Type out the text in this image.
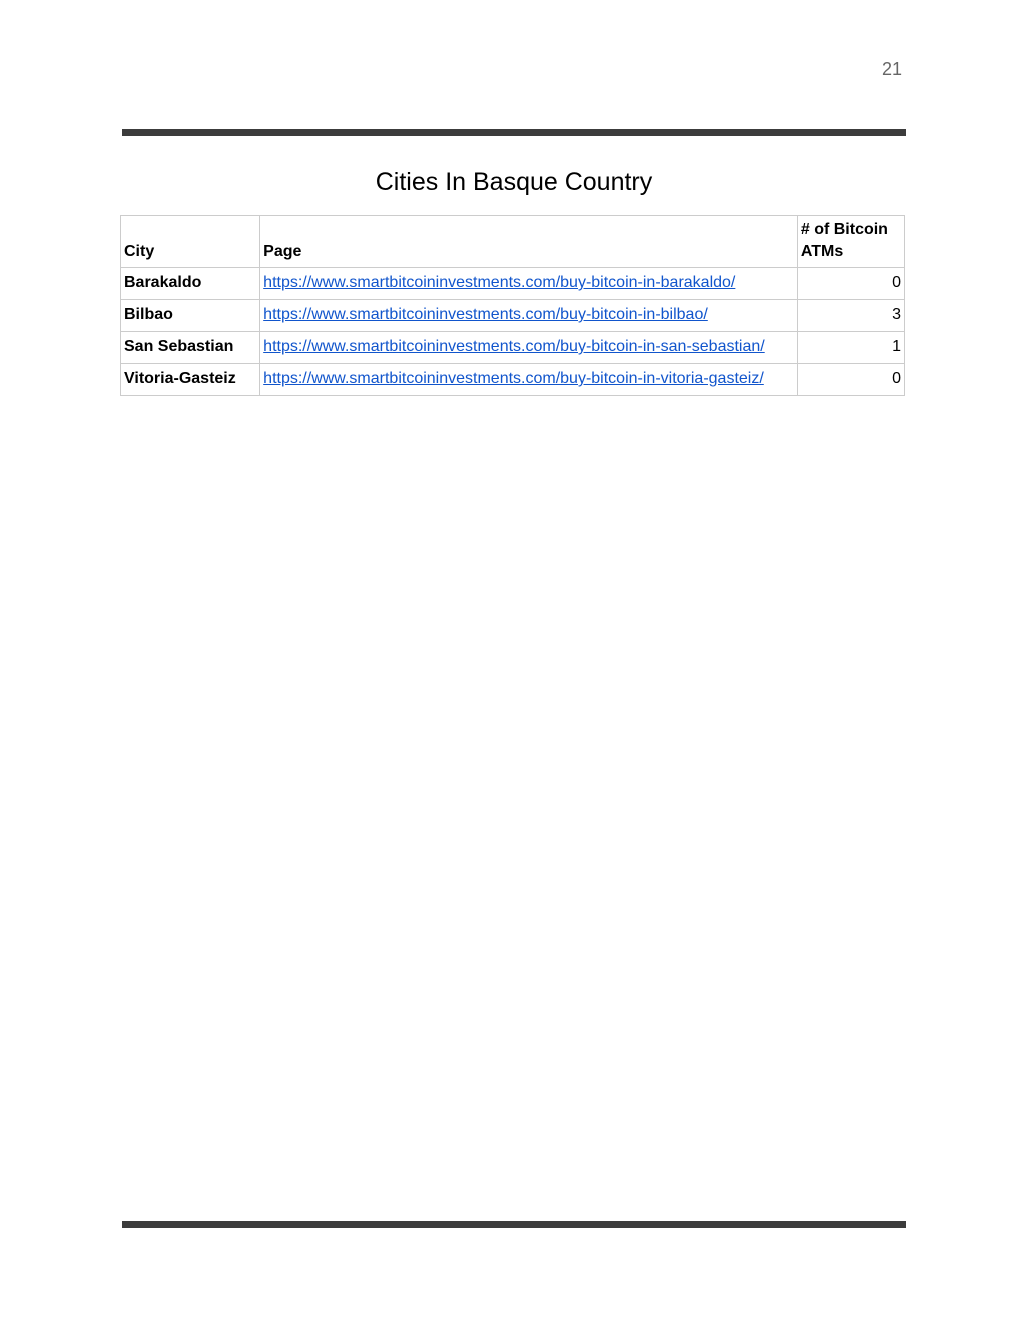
21
Cities In Basque Country
City	Page	# of Bitcoin ATMs
Barakaldo	https://www.smartbitcoininvestments.com/buy-bitcoin-in-barakaldo/	0
Bilbao	https://www.smartbitcoininvestments.com/buy-bitcoin-in-bilbao/	3
San Sebastian	https://www.smartbitcoininvestments.com/buy-bitcoin-in-san-sebastian/	1
Vitoria-Gasteiz	https://www.smartbitcoininvestments.com/buy-bitcoin-in-vitoria-gasteiz/	0
